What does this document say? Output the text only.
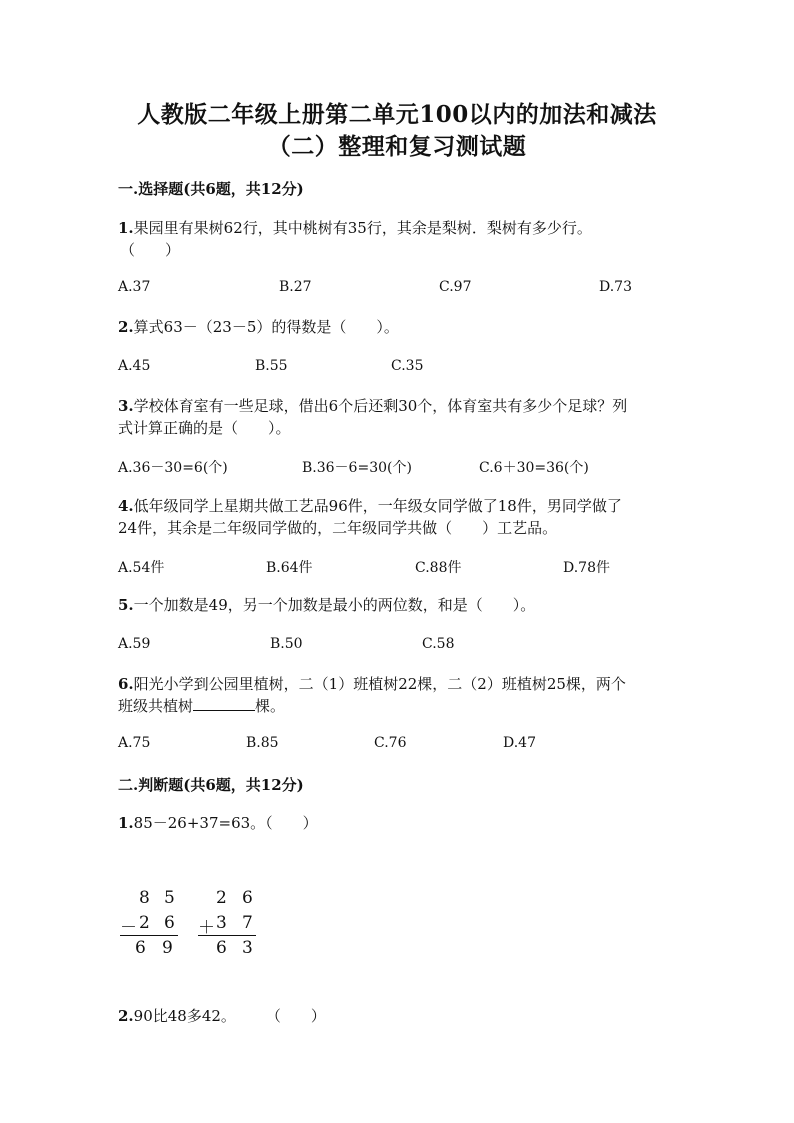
人教版二年级上册第二单元100以内的加法和减法
（二）整理和复习测试题
一.选择题(共6题，共12分)
1.果园里有果树62行，其中桃树有35行，其余是梨树．梨树有多少行。
（　　）
A.37	B.27	C.97	D.73
2.算式63－（23－5）的得数是（　　）。
A.45	B.55	C.35
3.学校体育室有一些足球，借出6个后还剩30个，体育室共有多少个足球？列
式计算正确的是（　　）。
A.36－30=6(个)	B.36－6=30(个)	C.6＋30=36(个)
4.低年级同学上星期共做工艺品96件，一年级女同学做了18件，男同学做了
24件，其余是二年级同学做的，二年级同学共做（　　）工艺品。
A.54件	B.64件	C.88件	D.78件
5.一个加数是49，另一个加数是最小的两位数，和是（　　）。
A.59	B.50	C.58
6.阳光小学到公园里植树，二（1）班植树22棵，二（2）班植树25棵，两个
班级共植树	棵。
A.75	B.85	C.76	D.47
二.判断题(共6题，共12分)
1.85－26+37=63。（　　）
8 5
－ 2 6
6 9
2 6
＋ 3 7
6 3
2.90比48多42。　　　（　　）
